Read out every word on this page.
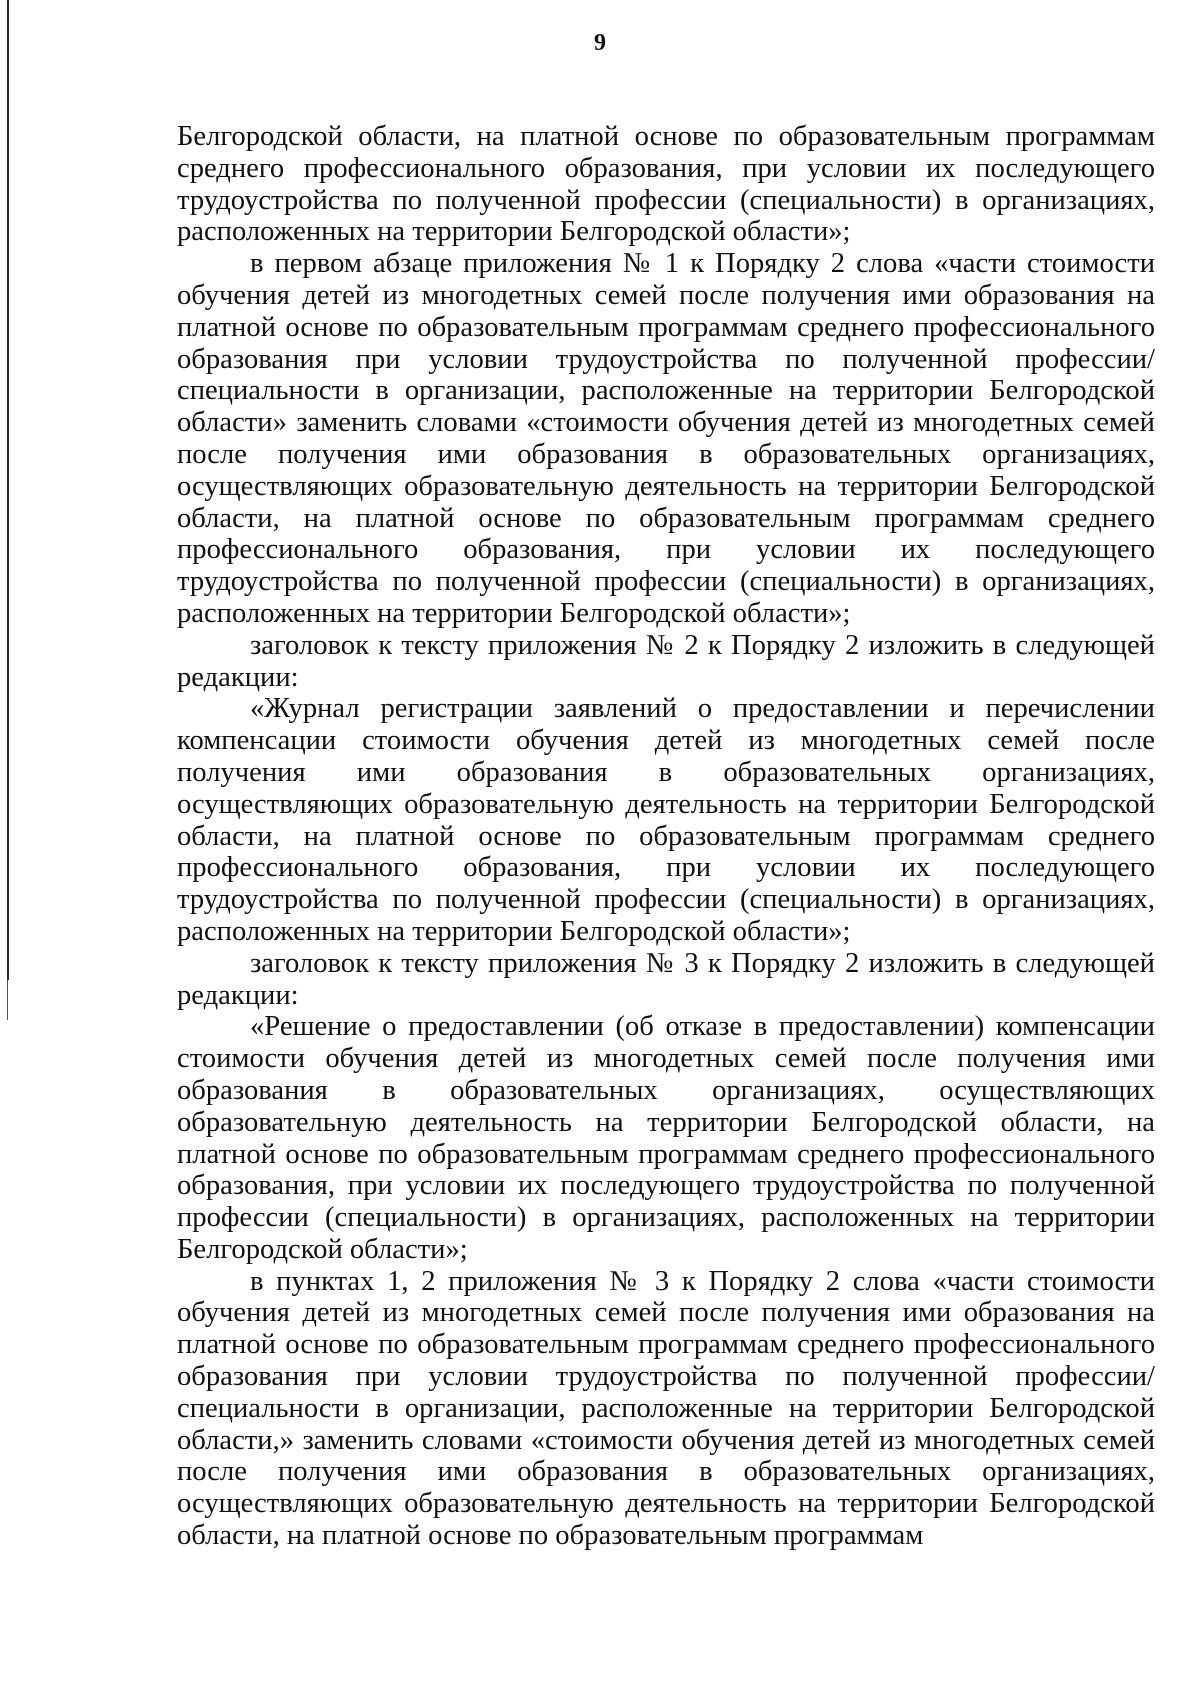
9

Белгородской области, на платной основе по образовательным программам среднего профессионального образования, при условии их последующего трудоустройства по полученной профессии (специальности) в организациях, расположенных на территории Белгородской области»;

в первом абзаце приложения № 1 к Порядку 2 слова «части стоимости обучения детей из многодетных семей после получения ими образования на платной основе по образовательным программам среднего профессионального образования при условии трудоустройства по полученной профессии/специальности в организации, расположенные на территории Белгородской области» заменить словами «стоимости обучения детей из многодетных семей после получения ими образования в образовательных организациях, осуществляющих образовательную деятельность на территории Белгородской области, на платной основе по образовательным программам среднего профессионального образования, при условии их последующего трудоустройства по полученной профессии (специальности) в организациях, расположенных на территории Белгородской области»;

заголовок к тексту приложения № 2 к Порядку 2 изложить в следующей редакции:

«Журнал регистрации заявлений о предоставлении и перечислении компенсации стоимости обучения детей из многодетных семей после получения ими образования в образовательных организациях, осуществляющих образовательную деятельность на территории Белгородской области, на платной основе по образовательным программам среднего профессионального образования, при условии их последующего трудоустройства по полученной профессии (специальности) в организациях, расположенных на территории Белгородской области»;

заголовок к тексту приложения № 3 к Порядку 2 изложить в следующей редакции:

«Решение о предоставлении (об отказе в предоставлении) компенсации стоимости обучения детей из многодетных семей после получения ими образования в образовательных организациях, осуществляющих образовательную деятельность на территории Белгородской области, на платной основе по образовательным программам среднего профессионального образования, при условии их последующего трудоустройства по полученной профессии (специальности) в организациях, расположенных на территории Белгородской области»;

в пунктах 1, 2 приложения № 3 к Порядку 2 слова «части стоимости обучения детей из многодетных семей после получения ими образования на платной основе по образовательным программам среднего профессионального образования при условии трудоустройства по полученной профессии/специальности в организации, расположенные на территории Белгородской области,» заменить словами «стоимости обучения детей из многодетных семей после получения ими образования в образовательных организациях, осуществляющих образовательную деятельность на территории Белгородской области, на платной основе по образовательным программам
